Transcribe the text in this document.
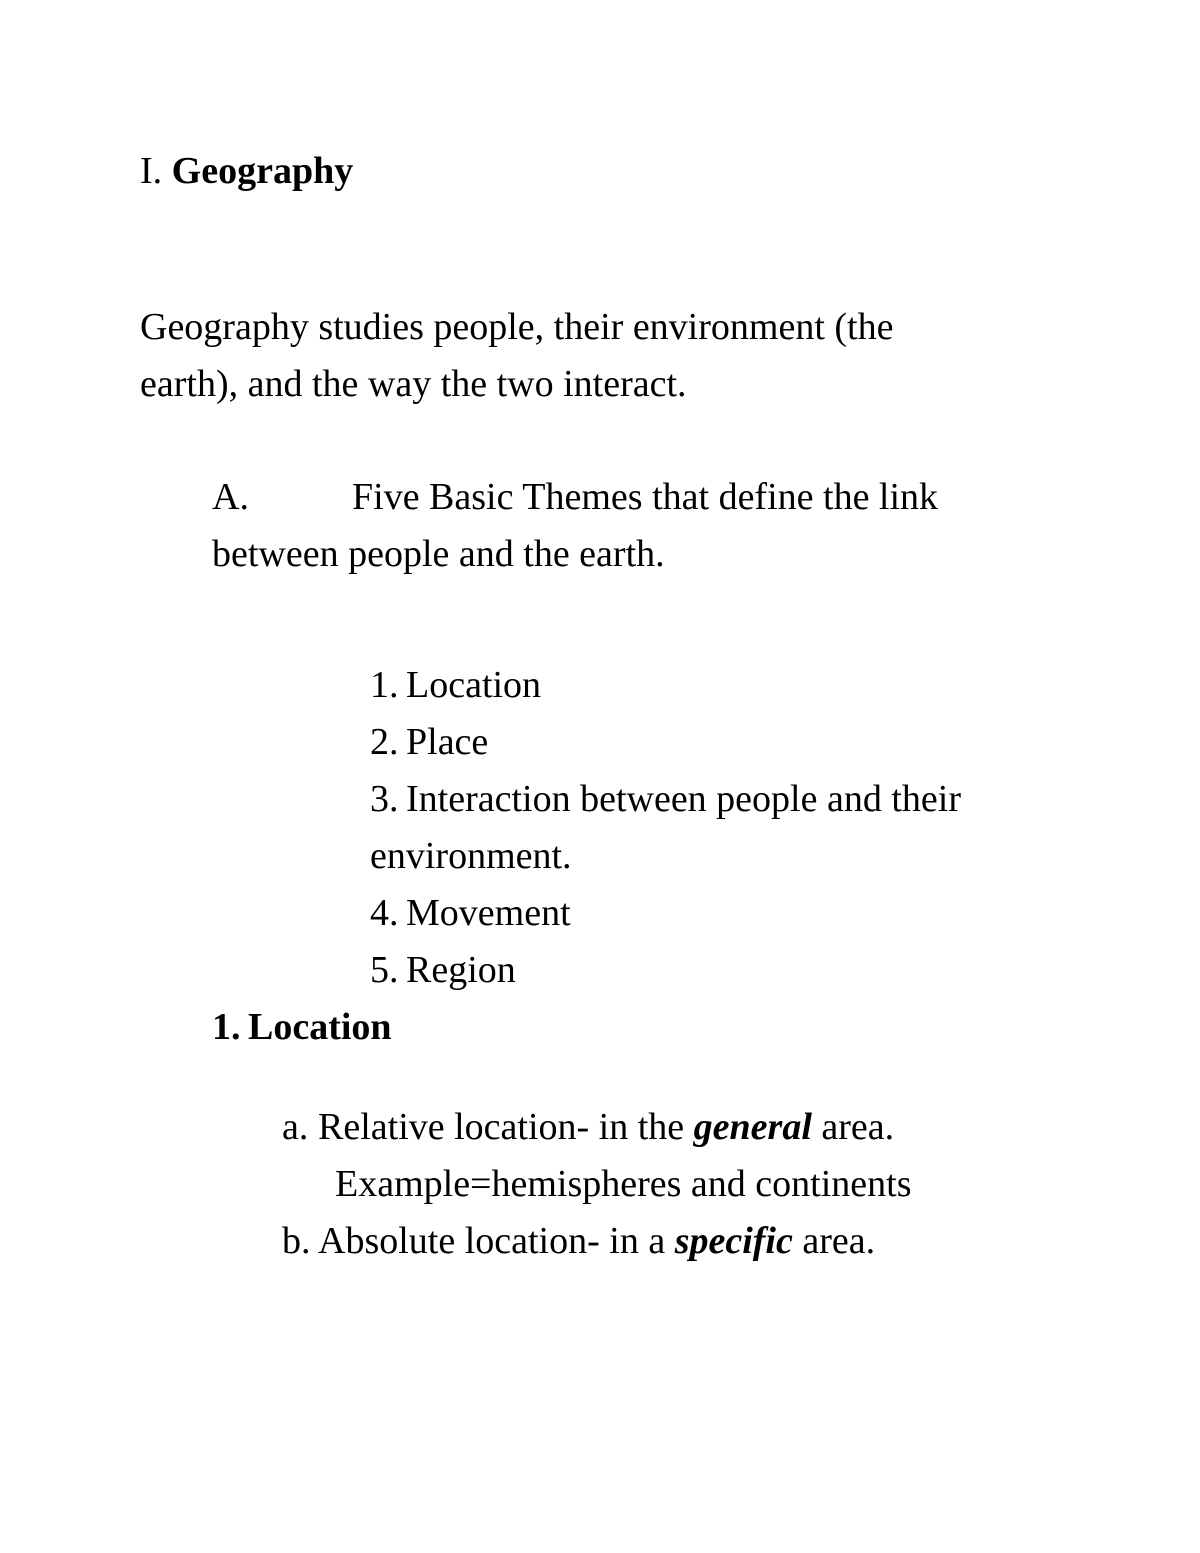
I. Geography
Geography studies people, their environment (the
earth), and the way the two interact.
A.	Five Basic Themes that define the link
between people and the earth.
1. Location
2. Place
3. Interaction between people and their
environment.
4. Movement
5. Region
1. Location
a. Relative location- in the general area.
Example=hemispheres and continents
b. Absolute location- in a specific area.
